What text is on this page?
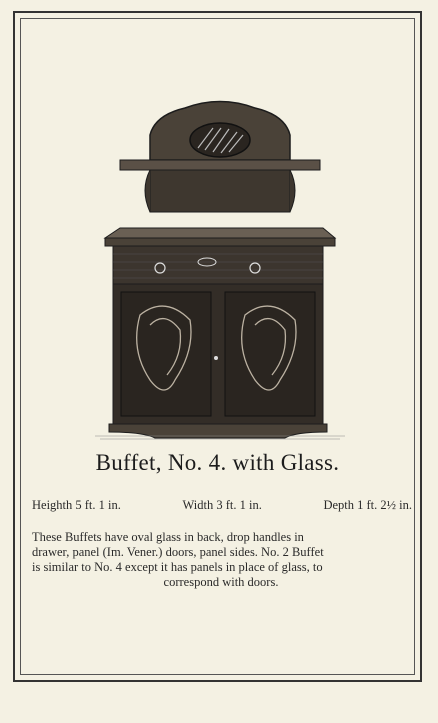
Buffet, No. 4. with Glass.
Heighth 5 ft. 1 in.	Width 3 ft. 1 in.	Depth 1 ft. 2½ in.
These Buffets have oval glass in back, drop handles in
drawer, panel (Im. Vener.) doors, panel sides. No. 2 Buffet
is similar to No. 4 except it has panels in place of glass, to
correspond with doors.
